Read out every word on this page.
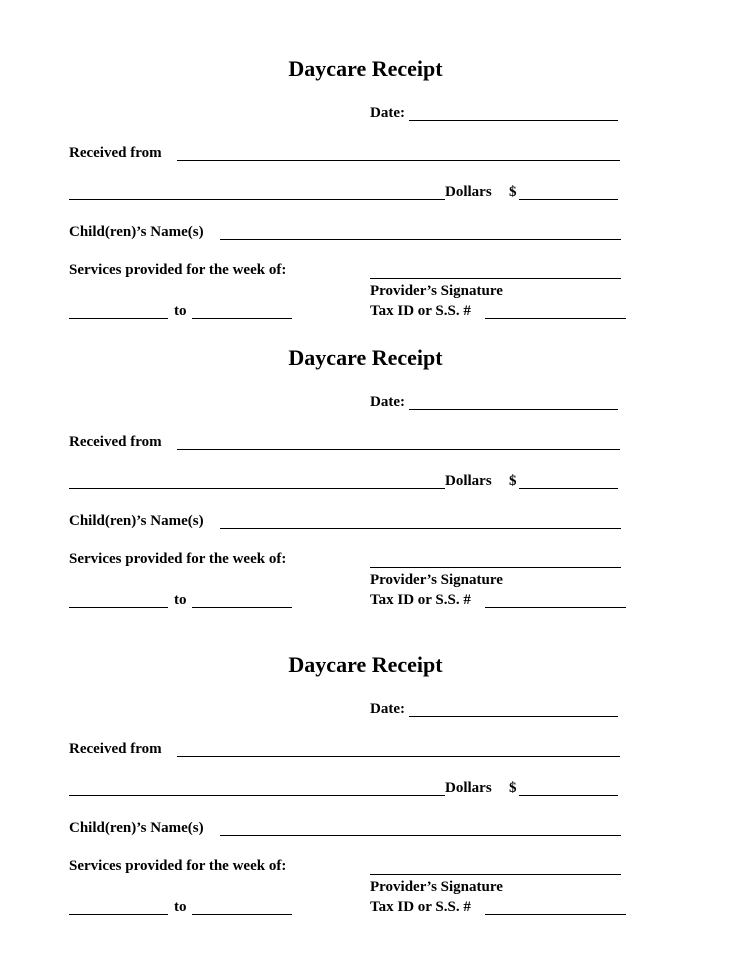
Daycare Receipt
Date:
Received from
Dollars $
Child(ren)’s Name(s)
Services provided for the week of:
Provider’s Signature
to	Tax ID or S.S. #
Daycare Receipt
Date:
Received from
Dollars $
Child(ren)’s Name(s)
Services provided for the week of:
Provider’s Signature
to	Tax ID or S.S. #
Daycare Receipt
Date:
Received from
Dollars $
Child(ren)’s Name(s)
Services provided for the week of:
Provider’s Signature
to	Tax ID or S.S. #
